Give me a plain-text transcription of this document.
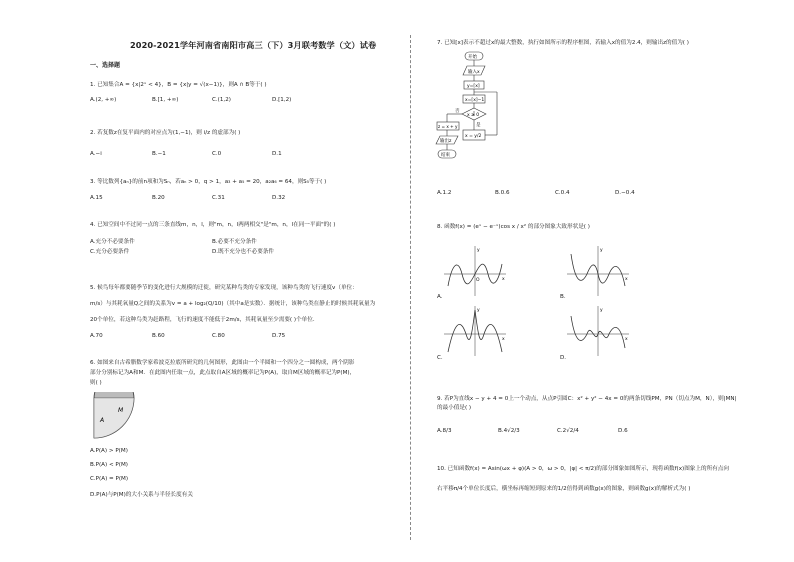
2020-2021学年河南省南阳市高三（下）3月联考数学（文）试卷
一、选择题
1. 已知集合A = {x|2ˣ < 4}，B = {x|y = √(x−1)}，则A ∩ B等于( )
A.(2, +∞)	B.[1, +∞)	C.(1,2)	D.[1,2)
2. 若复数z在复平面内的对应点为(1,−1)，则 i/z 的虚部为( )
A.−i	B.−1	C.0	D.1
3. 等比数列{aₙ}的前n项和为Sₙ，若aₙ > 0，q > 1，a₃ + a₅ = 20，a₂a₆ = 64，则S₅等于( )
A.15	B.20	C.31	D.32
4. 已知空间中不过同一点的三条直线m，n，l，则"m，n，l两两相交"是"m，n，l在同一平面"的( )
A.充分不必要条件	B.必要不充分条件
C.充分必要条件	D.既不充分也不必要条件
5. 候鸟每年都要随季节的变化进行大规模的迁徙，研究某种鸟类的专家发现，该种鸟类的飞行速度v（单位：
m/s）与其耗氧量Q之间的关系为v = a + log₂(Q/10)（其中a是实数）．据统计，该种鸟类在静止的时候其耗氧量为
20个单位，若这种鸟类为赶路程，飞行的速度不能低于2m/s，其耗氧量至少需要( )个单位．
A.70	B.60	C.80	D.75
6. 如图来自古希腊数学家希波克拉底所研究的几何图形，此图由一个半圆和一个四分之一圆构成，两个阴影
部分分别标记为A和M．在此图内任取一点，此点取自A区域的概率记为P(A)，取自M区域的概率记为P(M)，
则( )
M
A
A.P(A) > P(M)
B.P(A) < P(M)
C.P(A) = P(M)
D.P(A)与P(M)的大小关系与半径长度有关
7. 已知[x]表示不超过x的最大整数，执行如图所示的程序框图，若输入x的值为2.4，则输出z的值为( )
开始
输入x
y=[x]
x=[x]−1
x ≥ 0
是
否
z = x + y
x = y/2
输出z
结束
A.1.2	B.0.6	C.0.4	D.−0.4
8. 函数f(x) = (eˣ − e⁻ˣ)cos x / x² 的部分图象大致形状是( )
A.
y
x
O
B.
y
x
C.
y
x
D.
y
x
9. 若P为直线x − y + 4 = 0上一个动点，从点P引圆C：x² + y² − 4x = 0的两条切线PM，PN（切点为M，N），则|MN|
的最小值是( )
A.8/3	B.4√2/3	C.2√2/4	D.6
10. 已知函数f(x) = Asin(ωx + φ)(A > 0，ω > 0，|φ| < π/2)的部分图象如图所示，现将函数f(x)图象上的所有点向
右平移π/4个单位长度后，横坐标再缩短到原来的1/2倍得到函数g(x)的图象，则函数g(x)的解析式为( )
